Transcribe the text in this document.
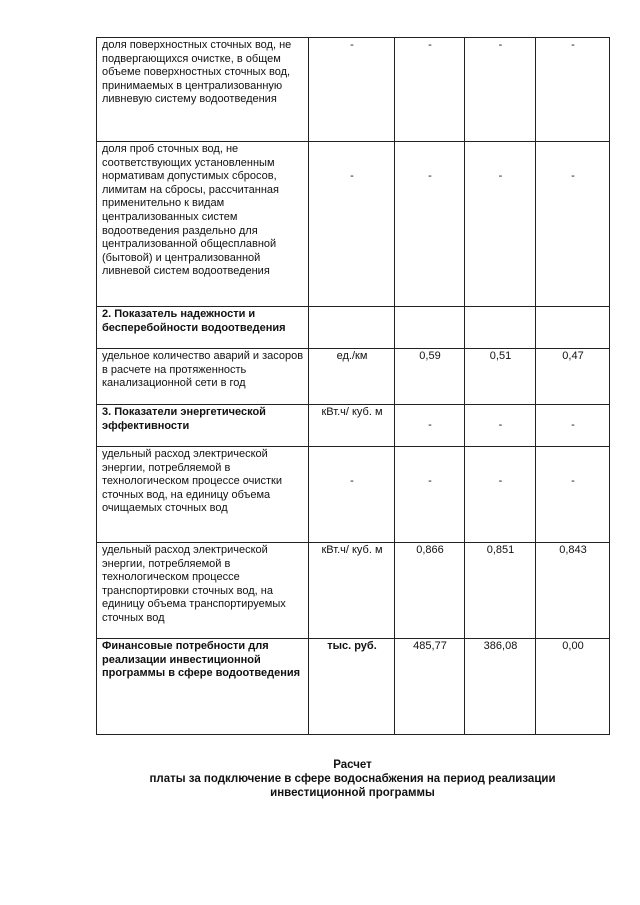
доля поверхностных сточных вод, не подвергающихся очистке, в общем объеме поверхностных сточных вод, принимаемых в централизованную ливневую систему водоотведения	-	-	-	-
доля проб сточных вод, не соответствующих установленным нормативам допустимых сбросов, лимитам на сбросы, рассчитанная применительно к видам централизованных систем водоотведения раздельно для централизованной общесплавной (бытовой) и централизованной ливневой систем водоотведения	-	-	-	-
2. Показатель надежности и бесперебойности водоотведения				
удельное количество аварий и засоров в расчете на протяженность канализационной сети в год	ед./км	0,59	0,51	0,47
3. Показатели энергетической эффективности	кВт.ч/ куб. м	-	-	-
удельный расход электрической энергии, потребляемой в технологическом процессе очистки сточных вод, на единицу объема очищаемых сточных вод	-	-	-	-
удельный расход электрической энергии, потребляемой в технологическом процессе транспортировки сточных вод, на единицу объема транспортируемых сточных вод	кВт.ч/ куб. м	0,866	0,851	0,843
Финансовые потребности для реализации инвестиционной программы в сфере водоотведения	тыс. руб.	485,77	386,08	0,00
Расчет
платы за подключение в сфере водоснабжения на период реализации
инвестиционной программы
